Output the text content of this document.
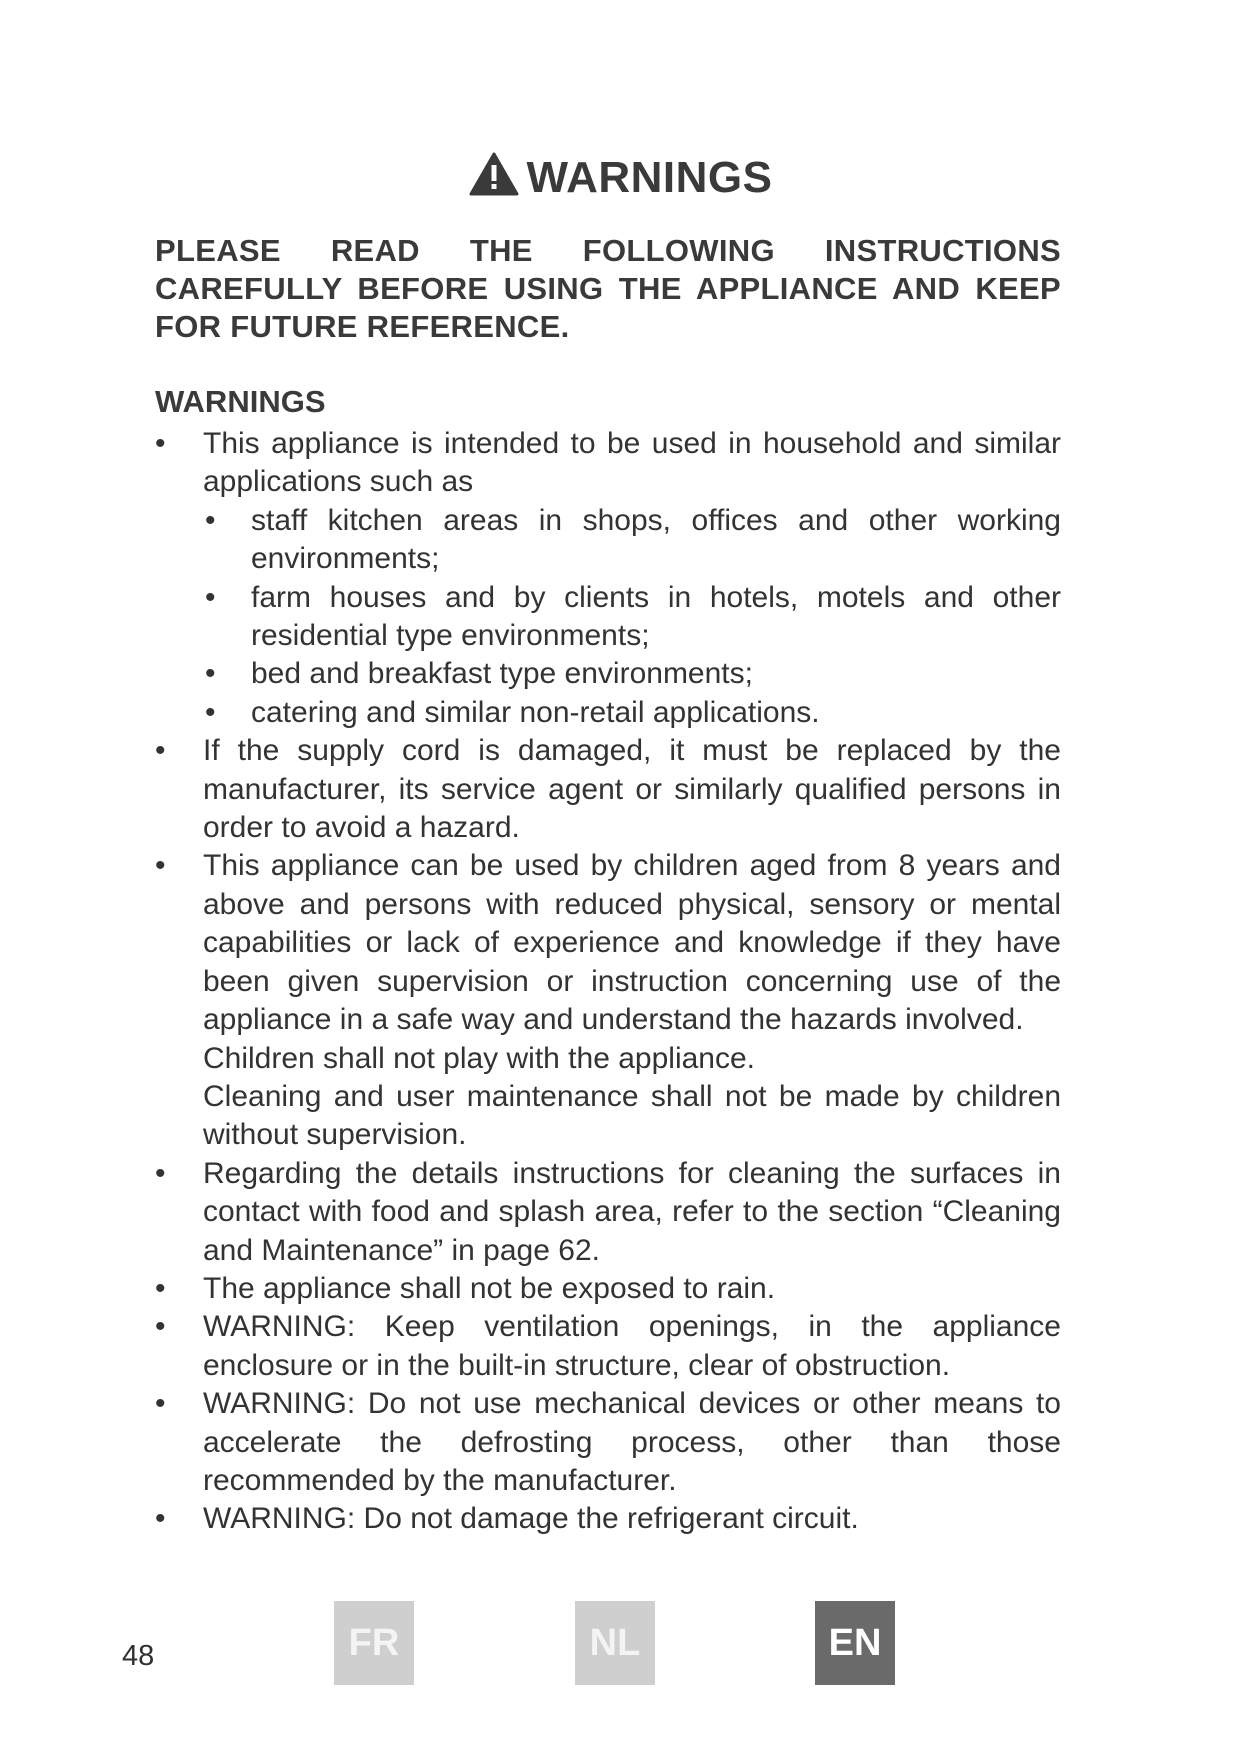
WARNINGS
PLEASE READ THE FOLLOWING INSTRUCTIONS CAREFULLY BEFORE USING THE APPLIANCE AND KEEP FOR FUTURE REFERENCE.
WARNINGS
•	This appliance is intended to be used in household and similar applications such as
•	staff kitchen areas in shops, offices and other working environments;
•	farm houses and by clients in hotels, motels and other residential type environments;
•	bed and breakfast type environments;
•	catering and similar non-retail applications.
•	If the supply cord is damaged, it must be replaced by the manufacturer, its service agent or similarly qualified persons in order to avoid a hazard.
•	This appliance can be used by children aged from 8 years and above and persons with reduced physical, sensory or mental capabilities or lack of experience and knowledge if they have been given supervision or instruction concerning use of the appliance in a safe way and understand the hazards involved.
Children shall not play with the appliance.
Cleaning and user maintenance shall not be made by children without supervision.
•	Regarding the details instructions for cleaning the surfaces in contact with food and splash area, refer to the section “Cleaning and Maintenance” in page 62.
•	The appliance shall not be exposed to rain.
•	WARNING: Keep ventilation openings, in the appliance enclosure or in the built-in structure, clear of obstruction.
•	WARNING: Do not use mechanical devices or other means to accelerate the defrosting process, other than those recommended by the manufacturer.
•	WARNING: Do not damage the refrigerant circuit.
48	FR	NL	EN
